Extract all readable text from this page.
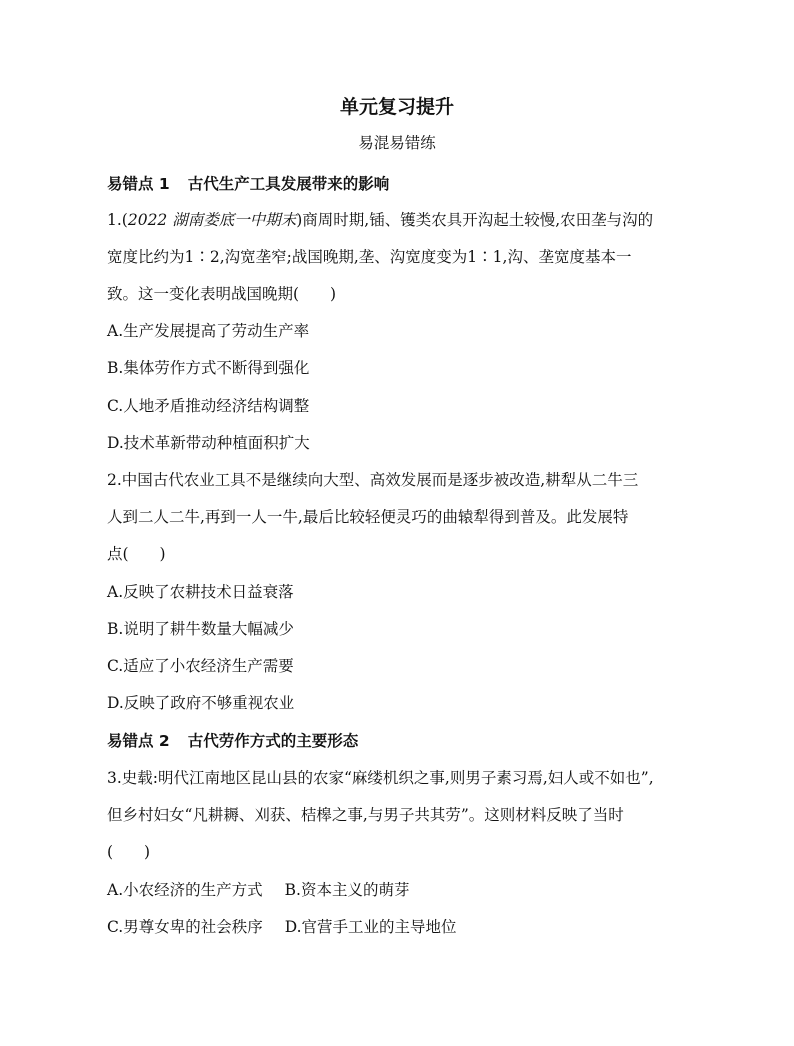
单元复习提升
易混易错练
易错点 1 古代生产工具发展带来的影响
1.(2022 湖南娄底一中期末)商周时期,锸、镬类农具开沟起土较慢,农田垄与沟的
宽度比约为1∶2,沟宽垄窄;战国晚期,垄、沟宽度变为1∶1,沟、垄宽度基本一
致。这一变化表明战国晚期(　　)
A.生产发展提高了劳动生产率
B.集体劳作方式不断得到强化
C.人地矛盾推动经济结构调整
D.技术革新带动种植面积扩大
2.中国古代农业工具不是继续向大型、高效发展而是逐步被改造,耕犁从二牛三
人到二人二牛,再到一人一牛,最后比较轻便灵巧的曲辕犁得到普及。此发展特
点(　　)
A.反映了农耕技术日益衰落
B.说明了耕牛数量大幅减少
C.适应了小农经济生产需要
D.反映了政府不够重视农业
易错点 2 古代劳作方式的主要形态
3.史载:明代江南地区昆山县的农家“麻缕机织之事,则男子素习焉,妇人或不如也”,
但乡村妇女“凡耕耨、刈获、桔槔之事,与男子共其劳”。这则材料反映了当时
(　　)
A.小农经济的生产方式 B.资本主义的萌芽
C.男尊女卑的社会秩序 D.官营手工业的主导地位
